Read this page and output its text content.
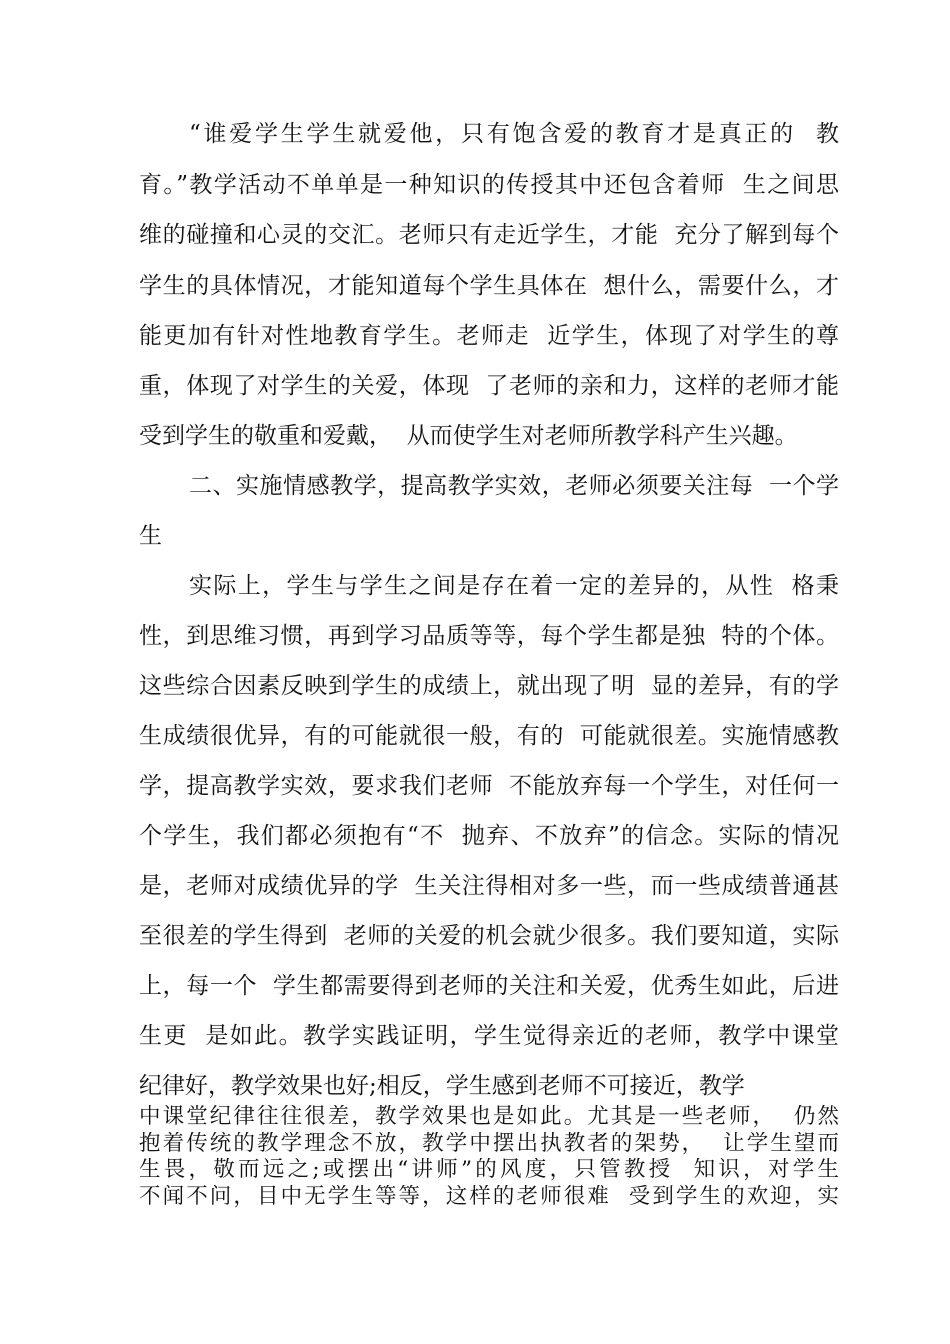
“谁爱学生学生就爱他，只有饱含爱的教育才是真正的  教
育。”教学活动不单单是一种知识的传授其中还包含着师  生之间思
维的碰撞和心灵的交汇。老师只有走近学生，才能  充分了解到每个
学生的具体情况，才能知道每个学生具体在  想什么，需要什么，才
能更加有针对性地教育学生。老师走  近学生，体现了对学生的尊
重，体现了对学生的关爱，体现  了老师的亲和力，这样的老师才能
受到学生的敬重和爱戴，  从而使学生对老师所教学科产生兴趣。
二、实施情感教学，提高教学实效，老师必须要关注每  一个学
生
实际上，学生与学生之间是存在着一定的差异的，从性  格秉
性，到思维习惯，再到学习品质等等，每个学生都是独  特的个体。
这些综合因素反映到学生的成绩上，就出现了明  显的差异，有的学
生成绩很优异，有的可能就很一般，有的  可能就很差。实施情感教
学，提高教学实效，要求我们老师  不能放弃每一个学生，对任何一
个学生，我们都必须抱有“不  抛弃、不放弃”的信念。实际的情况
是，老师对成绩优异的学  生关注得相对多一些，而一些成绩普通甚
至很差的学生得到  老师的关爱的机会就少很多。我们要知道，实际
上，每一个  学生都需要得到老师的关注和关爱，优秀生如此，后进
生更  是如此。教学实践证明，学生觉得亲近的老师，教学中课堂
纪律好，教学效果也好;相反，学生感到老师不可接近，教学
中课堂纪律往往很差，教学效果也是如此。尤其是一些老师，  仍然
抱着传统的教学理念不放，教学中摆出执教者的架势，  让学生望而
生畏，敬而远之;或摆出“讲师”的风度，只管教授  知识，对学生
不闻不问，目中无学生等等，这样的老师很难  受到学生的欢迎，实
